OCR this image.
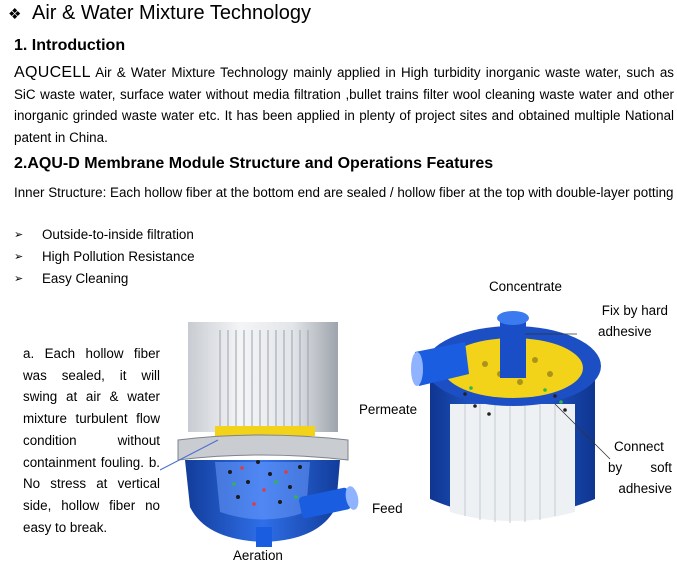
❖ Air & Water Mixture Technology
1. Introduction
AQUCELL Air & Water Mixture Technology mainly applied in High turbidity inorganic waste water, such as SiC waste water, surface water without media filtration ,bullet trains filter wool cleaning waste water and other inorganic grinded waste water etc. It has been applied in plenty of project sites and obtained multiple National patent in China.
2.AQU-D Membrane Module Structure and Operations Features
Inner Structure: Each hollow fiber at the bottom end are sealed / hollow fiber at the top with double-layer potting
➢	Outside-to-inside filtration
➢	High Pollution Resistance
➢	Easy Cleaning
a. Each hollow fiber was sealed, it will swing at air & water mixture turbulent flow condition without containment fouling. b. No stress at vertical side, hollow fiber no easy to break.
Aeration
Feed
Concentrate
Permeate
Fix by hard
adhesive
Connect
by soft
adhesive
